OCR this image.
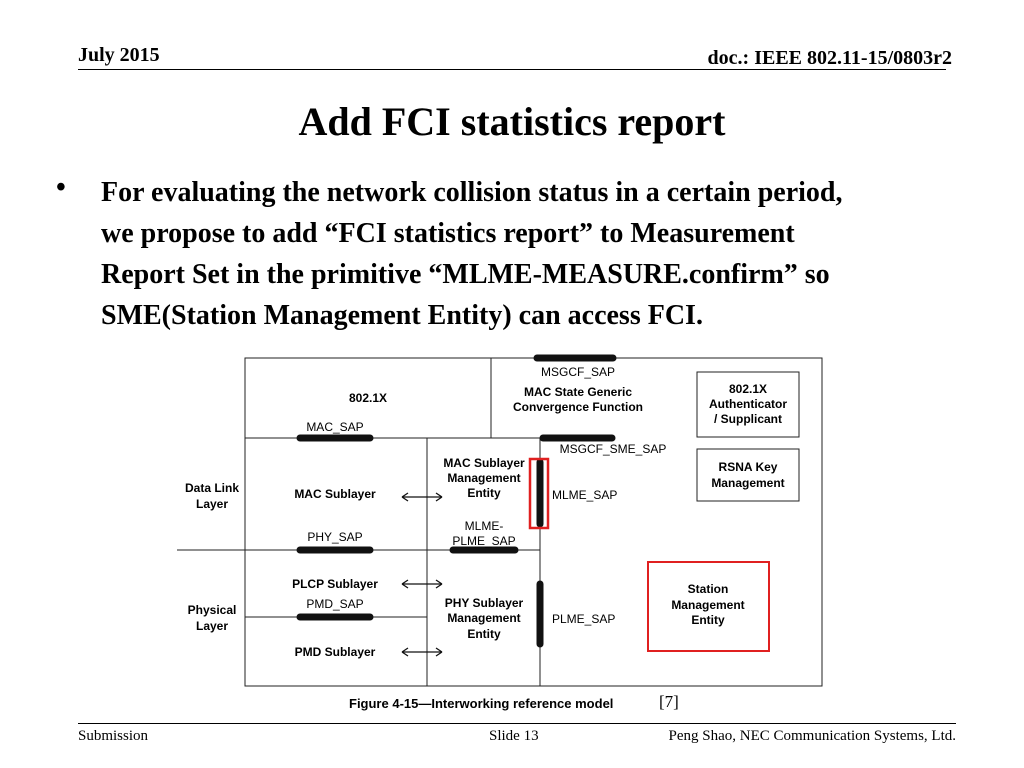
July 2015	doc.: IEEE 802.11-15/0803r2
Add FCI statistics report
• For evaluating the network collision status in a certain period,
we propose to add “FCI statistics report” to Measurement
Report Set in the primitive “MLME-MEASURE.confirm” so
SME(Station Management Entity) can access FCI.
802.1X
MSGCF_SAP
MAC State Generic
Convergence Function
802.1X
Authenticator
/ Supplicant
MAC_SAP
MSGCF_SME_SAP
Data Link
Layer
MAC Sublayer
MAC Sublayer
Management
Entity	MLME_SAP
RSNA Key
Management
PHY_SAP
MLME-
PLME_SAP
PLCP Sublayer
PMD_SAP
Physical
Layer
PHY Sublayer
Management
Entity
PLME_SAP
Station
Management
Entity
PMD Sublayer
Figure 4-15—Interworking reference model	[7]
Submission	Slide 13	Peng Shao, NEC Communication Systems, Ltd.
